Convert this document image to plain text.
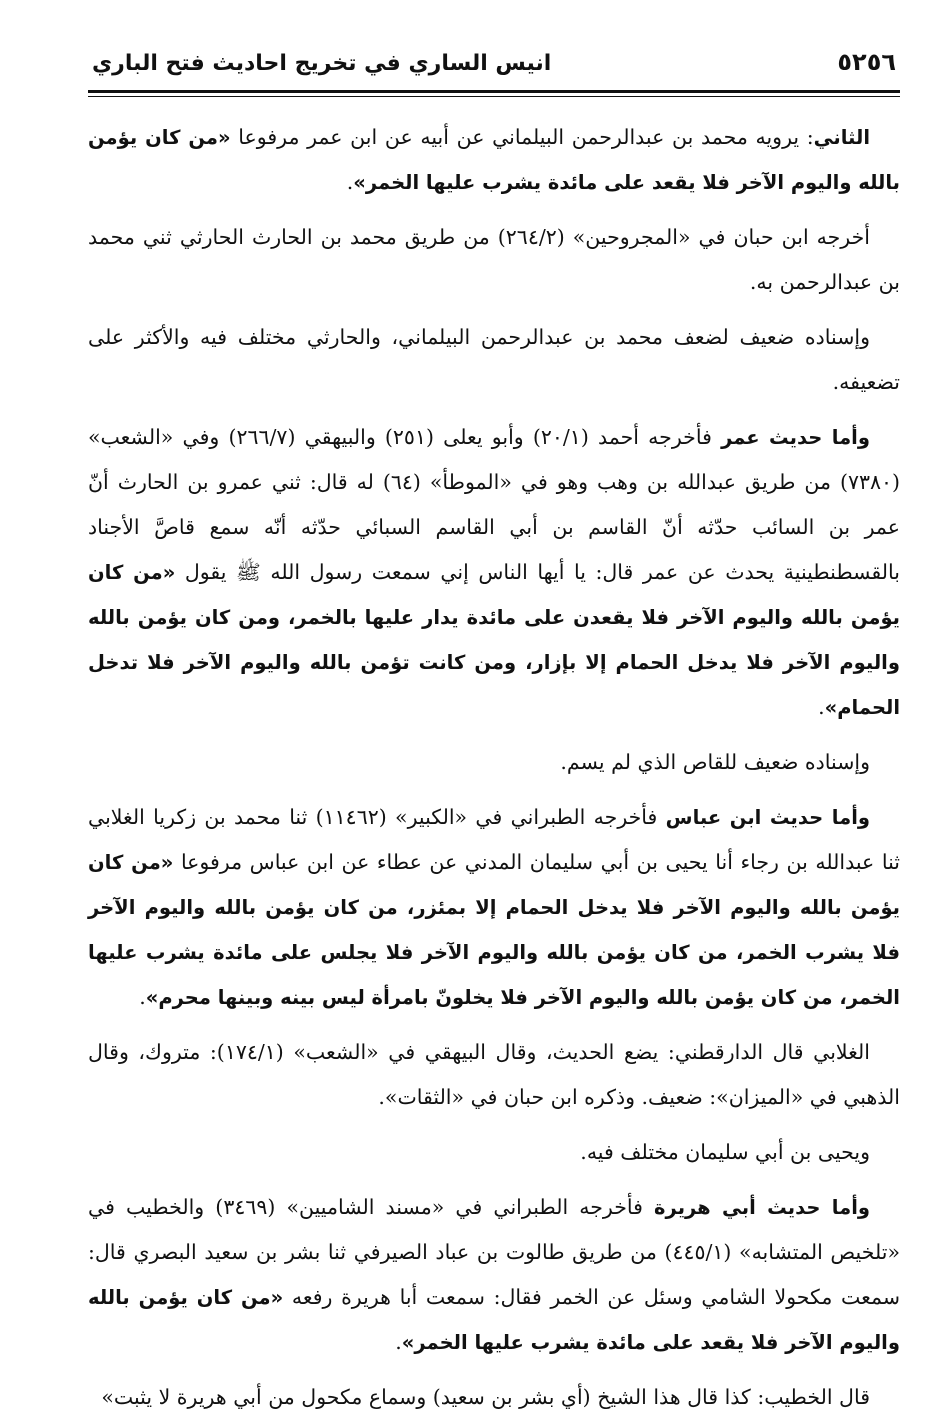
٥٢٥٦
انيس الساري في تخريج احاديث فتح الباري

الثاني: يرويه محمد بن عبدالرحمن البيلماني عن أبيه عن ابن عمر مرفوعا «من كان يؤمن بالله واليوم الآخر فلا يقعد على مائدة يشرب عليها الخمر».

أخرجه ابن حبان في «المجروحين» (٢٦٤/٢) من طريق محمد بن الحارث الحارثي ثني محمد بن عبدالرحمن به.

وإسناده ضعيف لضعف محمد بن عبدالرحمن البيلماني، والحارثي مختلف فيه والأكثر على تضعيفه.

وأما حديث عمر فأخرجه أحمد (٢٠/١) وأبو يعلى (٢٥١) والبيهقي (٢٦٦/٧) وفي «الشعب» (٧٣٨٠) من طريق عبدالله بن وهب وهو في «الموطأ» (٦٤) له قال: ثني عمرو بن الحارث أنّ عمر بن السائب حدّثه أنّ القاسم بن أبي القاسم السبائي حدّثه أنّه سمع قاصَّ الأجناد بالقسطنطينية يحدث عن عمر قال: يا أيها الناس إني سمعت رسول الله ﷺ يقول «من كان يؤمن بالله واليوم الآخر فلا يقعدن على مائدة يدار عليها بالخمر، ومن كان يؤمن بالله واليوم الآخر فلا يدخل الحمام إلا بإزار، ومن كانت تؤمن بالله واليوم الآخر فلا تدخل الحمام».

وإسناده ضعيف للقاص الذي لم يسم.

وأما حديث ابن عباس فأخرجه الطبراني في «الكبير» (١١٤٦٢) ثنا محمد بن زكريا الغلابي ثنا عبدالله بن رجاء أنا يحيى بن أبي سليمان المدني عن عطاء عن ابن عباس مرفوعا «من كان يؤمن بالله واليوم الآخر فلا يدخل الحمام إلا بمئزر، من كان يؤمن بالله واليوم الآخر فلا يشرب الخمر، من كان يؤمن بالله واليوم الآخر فلا يجلس على مائدة يشرب عليها الخمر، من كان يؤمن بالله واليوم الآخر فلا يخلونّ بامرأة ليس بينه وبينها محرم».

الغلابي قال الدارقطني: يضع الحديث، وقال البيهقي في «الشعب» (١٧٤/١): متروك، وقال الذهبي في «الميزان»: ضعيف. وذكره ابن حبان في «الثقات».

ويحيى بن أبي سليمان مختلف فيه.

وأما حديث أبي هريرة فأخرجه الطبراني في «مسند الشاميين» (٣٤٦٩) والخطيب في «تلخيص المتشابه» (٤٤٥/١) من طريق طالوت بن عباد الصيرفي ثنا بشر بن سعيد البصري قال: سمعت مكحولا الشامي وسئل عن الخمر فقال: سمعت أبا هريرة رفعه «من كان يؤمن بالله واليوم الآخر فلا يقعد على مائدة يشرب عليها الخمر».

قال الخطيب: كذا قال هذا الشيخ (أي بشر بن سعيد) وسماع مكحول من أبي هريرة لا يثبت»
